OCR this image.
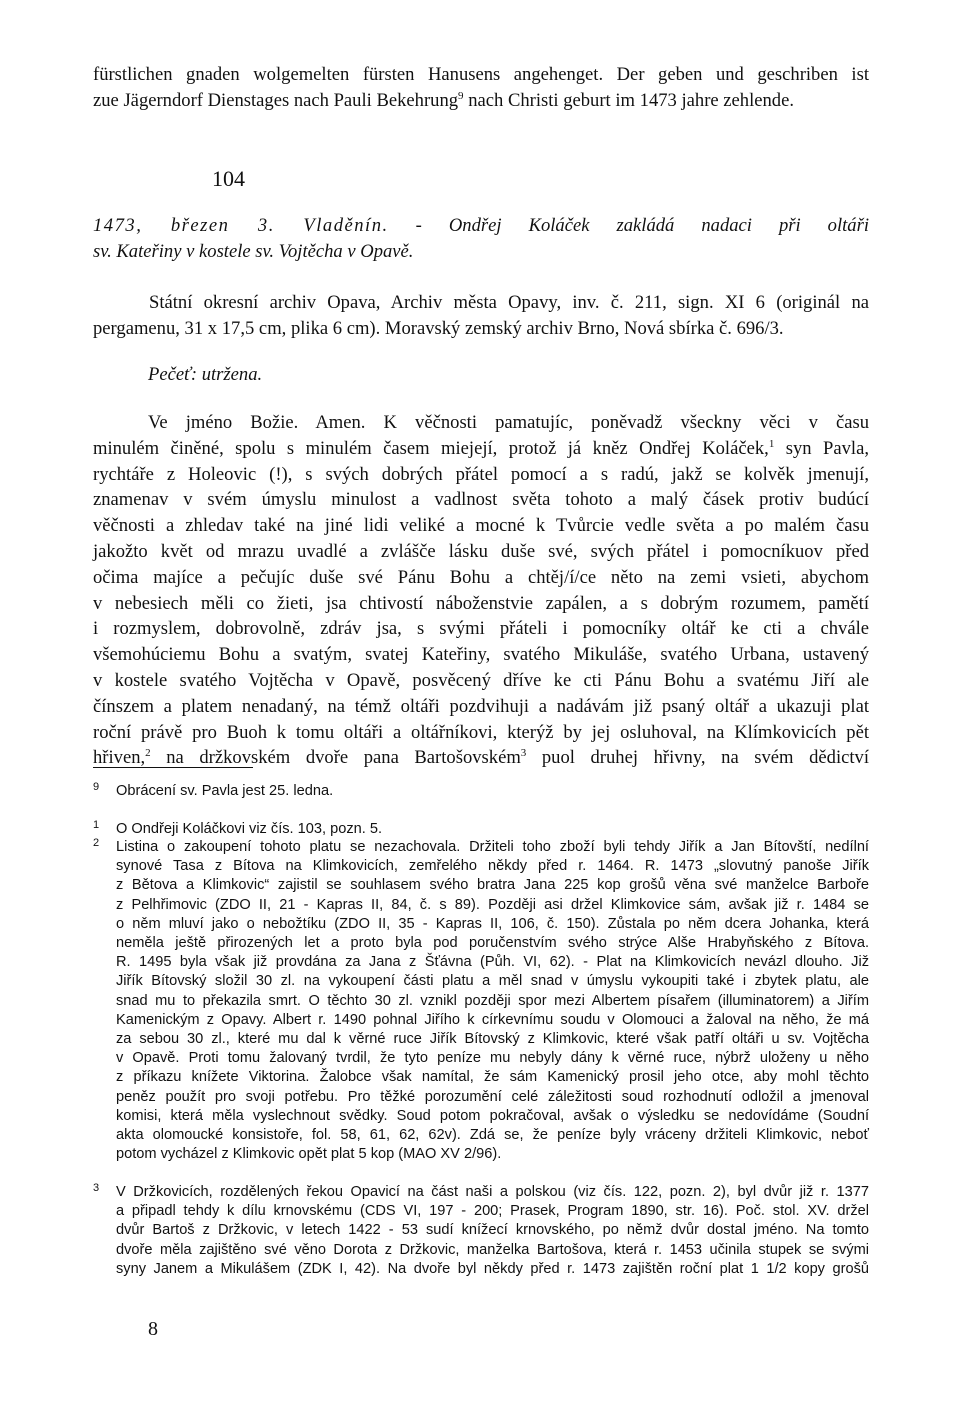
fürstlichen gnaden wolgemelten fürsten Hanusens angehenget. Der geben und geschriben ist
zue Jägerndorf Dienstages nach Pauli Bekehrung$^9$ nach Christi geburt im 1473 jahre zehlende.

104

1473, březen 3. Vladěnín. - Ondřej Koláček zakládá nadaci při oltáři
sv. Kateřiny v kostele sv. Vojtěcha v Opavě.
Státní okresní archiv Opava, Archiv města Opavy, inv. č. 211, sign. XI 6 (originál na
pergamenu, 31 x 17,5 cm, plika 6 cm). Moravský zemský archiv Brno, Nová sbírka č. 696/3.

Pečeť: utržena.

Ve jméno Božie. Amen. K věčnosti pamatujíc, poněvadž všeckny věci v času
minulém činěné, spolu s minulém časem miejejí, protož já kněz Ondřej Koláček,$^1$ syn Pavla,
rychtáře z Holeovic (!), s svých dobrých přátel pomocí a s radú, jakž se kolvěk jmenují,
znamenav v svém úmyslu minulost a vadlnost světa tohoto a malý čásek protiv budúcí
věčnosti a zhledav také na jiné lidi veliké a mocné k Tvůrcie vedle světa a po malém času
jakožto květ od mrazu uvadlé a zvlášče lásku duše své, svých přátel i pomocníkuov před
očima majíce a pečujíc duše své Pánu Bohu a chtěj/í/ce něto na zemi vsieti, abychom
v nebesiech měli co žieti, jsa chtivostí náboženstvie zapálen, a s dobrým rozumem, pamětí
i rozmyslem, dobrovolně, zdráv jsa, s svými přáteli i pomocníky oltář ke cti a chvále
všemohúciemu Bohu a svatým, svatej Kateřiny, svatého Mikuláše, svatého Urbana, ustavený
v kostele svatého Vojtěcha v Opavě, posvěcený dříve ke cti Pánu Bohu a svatému Jiří ale
čínszem a platem nenadaný, na témž oltáři pozdvihuji a nadávám již psaný oltář a ukazuji plat
roční právě pro Buoh k tomu oltáři a oltářníkovi, kterýž by jej osluhoval, na Klímkovicích pět
hřiven,$^2$ na držkovském dvoře pana Bartošovském$^3$ puol druhej hřivny, na svém dědictví
9 Obrácení sv. Pavla jest 25. ledna.
1 O Ondřeji Koláčkovi viz čís. 103, pozn. 5.
2 Listina o zakoupení tohoto platu se nezachovala. Držiteli toho zboží byli tehdy Jiřík a Jan Bítovští, nedílní
synové Tasa z Bítova na Klimkovicích, zemřelého někdy před r. 1464. R. 1473 „slovutný panoše Jiřík
z Bětova a Klimkovic“ zajistil se souhlasem svého bratra Jana 225 kop grošů věna své manželce Barboře
z Pelhřimovic (ZDO II, 21 - Kapras II, 84, č. s 89). Později asi držel Klimkovice sám, avšak již r. 1484 se
o něm mluví jako o nebožtíku (ZDO II, 35 - Kapras II, 106, č. 150). Zůstala po něm dcera Johanka, která
neměla ještě přirozených let a proto byla pod poručenstvím svého strýce Alše Hrabyňského z Bítova.
R. 1495 byla však již provdána za Jana z Šťávna (Půh. VI, 62). - Plat na Klimkovicích nevázl dlouho. Již
Jiřík Bítovský složil 30 zl. na vykoupení části platu a měl snad v úmyslu vykoupiti také i zbytek platu, ale
snad mu to překazila smrt. O těchto 30 zl. vznikl později spor mezi Albertem písařem (illuminatorem) a Jiřím
Kamenickým z Opavy. Albert r. 1490 pohnal Jiřího k církevnímu soudu v Olomouci a žaloval na něho, že má
za sebou 30 zl., které mu dal k věrné ruce Jiřík Bítovský z Klimkovic, které však patří oltáři u sv. Vojtěcha
v Opavě. Proti tomu žalovaný tvrdil, že tyto peníze mu nebyly dány k věrné ruce, nýbrž uloženy u něho
z příkazu knížete Viktorina. Žalobce však namítal, že sám Kamenický prosil jeho otce, aby mohl těchto
peněz použít pro svoji potřebu. Pro těžké porozumění celé záležitosti soud rozhodnutí odložil a jmenoval
komisi, která měla vyslechnout svědky. Soud potom pokračoval, avšak o výsledku se nedovídáme (Soudní
akta olomoucké konsistoře, fol. 58, 61, 62, 62v). Zdá se, že peníze byly vráceny držiteli Klimkovic, neboť
potom vycházel z Klimkovic opět plat 5 kop (MAO XV 2/96).
3 V Držkovicích, rozdělených řekou Opavicí na část naši a polskou (viz čís. 122, pozn. 2), byl dvůr již r. 1377
a připadl tehdy k dílu krnovskému (CDS VI, 197 - 200; Prasek, Program 1890, str. 16). Poč. stol. XV. držel
dvůr Bartoš z Držkovic, v letech 1422 - 53 sudí knížecí krnovského, po němž dvůr dostal jméno. Na tomto
dvoře měla zajištěno své věno Dorota z Držkovic, manželka Bartošova, která r. 1453 učinila stupek se svými
syny Janem a Mikulášem (ZDK I, 42). Na dvoře byl někdy před r. 1473 zajištěn roční plat 1 1/2 kopy grošů

8
